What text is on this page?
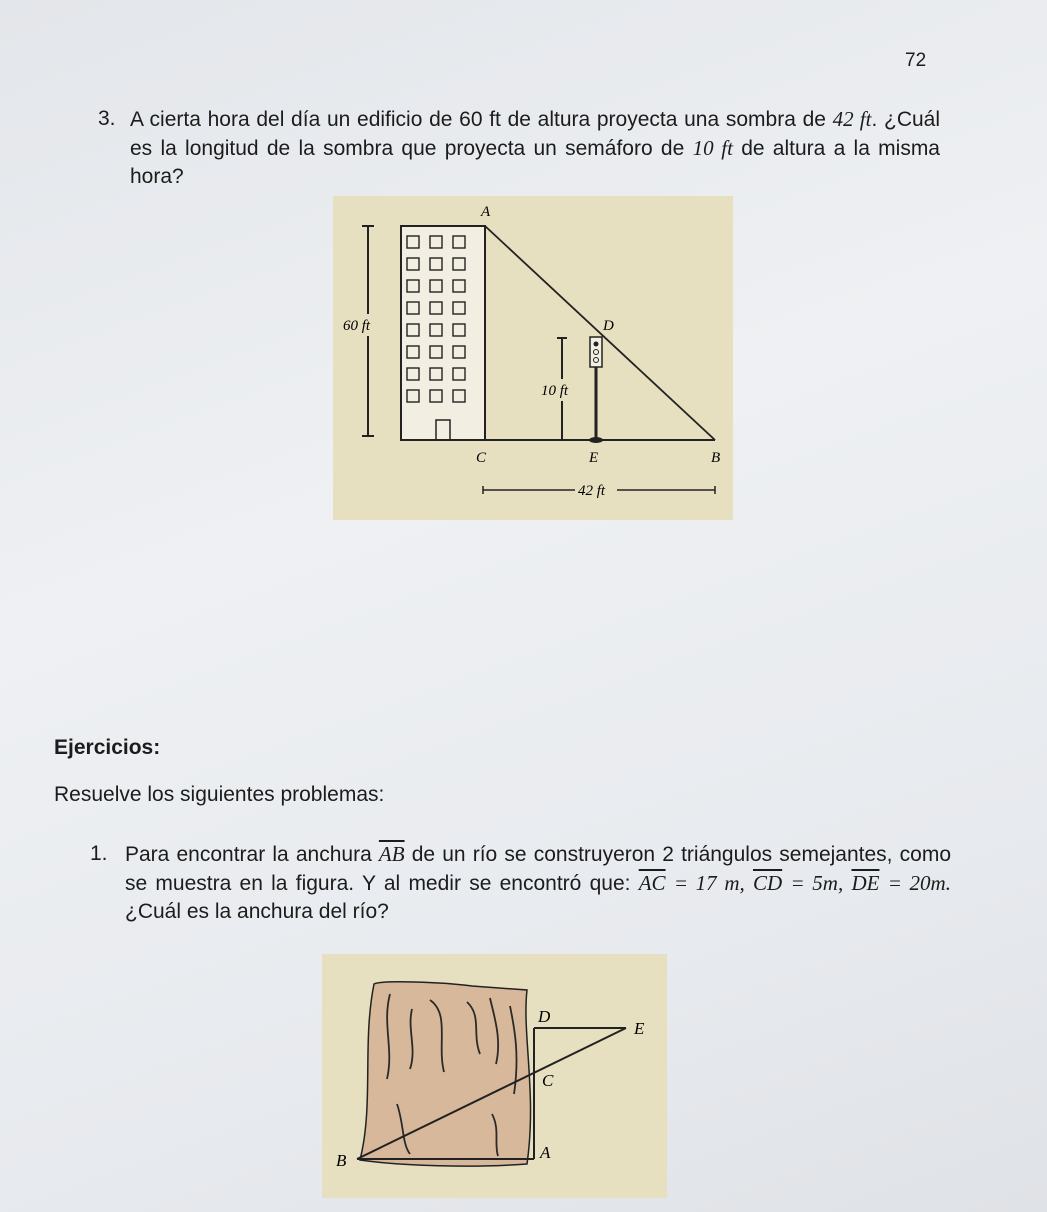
72
3. A cierta hora del día un edificio de 60 ft de altura proyecta una sombra de 42 ft. ¿Cuál es la longitud de la sombra que proyecta un semáforo de 10 ft de altura a la misma hora?
60 ft
10 ft
A
D
C	E	B
42 ft
Ejercicios:
Resuelve los siguientes problemas:
1. Para encontrar la anchura $\overline{AB}$ de un río se construyeron 2 triángulos semejantes, como se muestra en la figura. Y al medir se encontró que: $\overline{AC} = 17$ m, $\overline{CD} = 5m$, $\overline{DE} = 20m$. ¿Cuál es la anchura del río?
D
E
C
B	A
